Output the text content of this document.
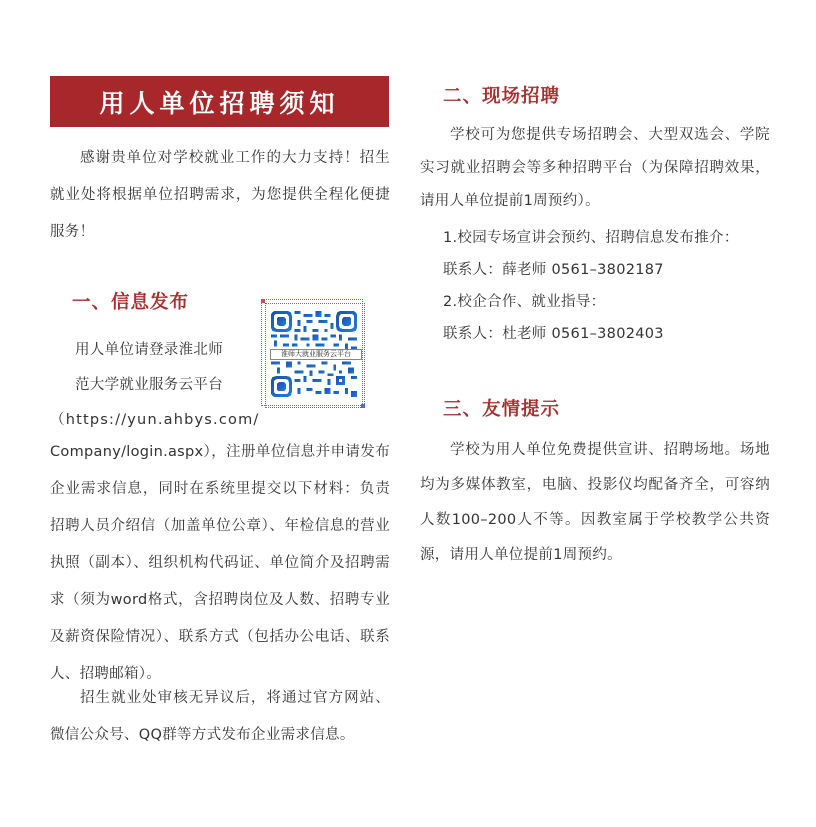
用人单位招聘须知

感谢贵单位对学校就业工作的大力支持！招生就业处将根据单位招聘需求，为您提供全程化便捷服务！

一、信息发布
用人单位请登录淮北师
范大学就业服务云平台
（https://yun.ahbys.com/
淮师大就业服务云平台

Company/login.aspx），注册单位信息并申请发布企业需求信息，同时在系统里提交以下材料：负责招聘人员介绍信（加盖单位公章）、年检信息的营业执照（副本）、组织机构代码证、单位简介及招聘需求（须为word格式，含招聘岗位及人数、招聘专业及薪资保险情况）、联系方式（包括办公电话、联系人、招聘邮箱）。

招生就业处审核无异议后，将通过官方网站、 微信公众号、QQ群等方式发布企业需求信息。

二、现场招聘

学校可为您提供专场招聘会、大型双选会、学院实习就业招聘会等多种招聘平台（为保障招聘效果，请用人单位提前1周预约）。

1.校园专场宣讲会预约、招聘信息发布推介：
联系人：薛老师 0561–3802187
2.校企合作、就业指导：
联系人：杜老师 0561–3802403
三、友情提示

学校为用人单位免费提供宣讲、招聘场地。场地均为多媒体教室，电脑、投影仪均配备齐全，可容纳人数100–200人不等。因教室属于学校教学公共资源，请用人单位提前1周预约。
